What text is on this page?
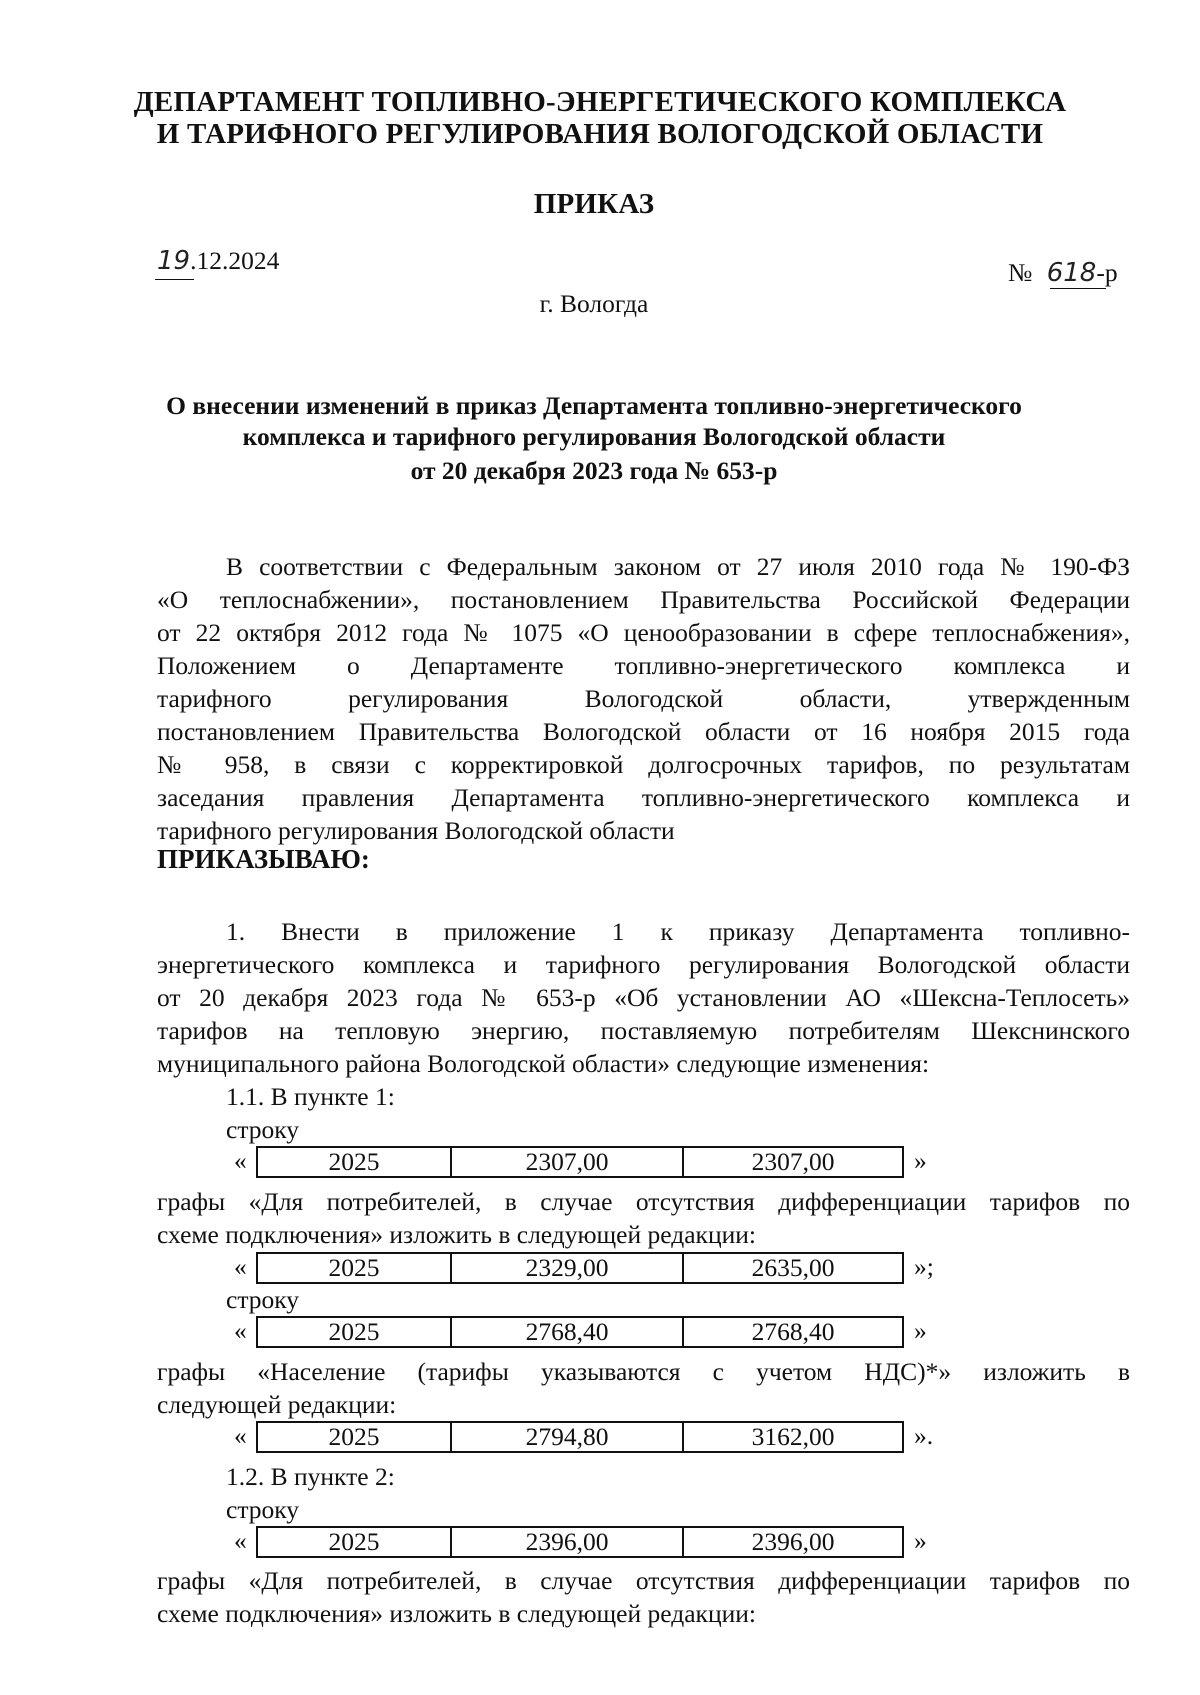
ДЕПАРТАМЕНТ ТОПЛИВНО-ЭНЕРГЕТИЧЕСКОГО КОМПЛЕКСА
И ТАРИФНОГО РЕГУЛИРОВАНИЯ ВОЛОГОДСКОЙ ОБЛАСТИ
ПРИКАЗ
19.12.2024	№ 618-р
г. Вологда
О внесении изменений в приказ Департамента топливно-энергетического
комплекса и тарифного регулирования Вологодской области
от 20 декабря 2023 года № 653-р
В соответствии с Федеральным законом от 27 июля 2010 года № 190-ФЗ
«О теплоснабжении», постановлением Правительства Российской Федерации
от 22 октября 2012 года № 1075 «О ценообразовании в сфере теплоснабжения»,
Положением о Департаменте топливно-энергетического комплекса и
тарифного регулирования Вологодской области, утвержденным
постановлением Правительства Вологодской области от 16 ноября 2015 года
№ 958, в связи с корректировкой долгосрочных тарифов, по результатам
заседания правления Департамента топливно-энергетического комплекса и
тарифного регулирования Вологодской области
ПРИКАЗЫВАЮ:
1. Внести в приложение 1 к приказу Департамента топливно-
энергетического комплекса и тарифного регулирования Вологодской области
от 20 декабря 2023 года № 653-р «Об установлении АО «Шексна-Теплосеть»
тарифов на тепловую энергию, поставляемую потребителям Шекснинского
муниципального района Вологодской области» следующие изменения:
1.1. В пункте 1:
строку
«	2025	2307,00	2307,00	»
графы «Для потребителей, в случае отсутствия дифференциации тарифов по
схеме подключения» изложить в следующей редакции:
«	2025	2329,00	2635,00	»;
строку
«	2025	2768,40	2768,40	»
графы «Население (тарифы указываются с учетом НДС)*» изложить в
следующей редакции:
«	2025	2794,80	3162,00	».
1.2. В пункте 2:
строку
«	2025	2396,00	2396,00	»
графы «Для потребителей, в случае отсутствия дифференциации тарифов по
схеме подключения» изложить в следующей редакции:
